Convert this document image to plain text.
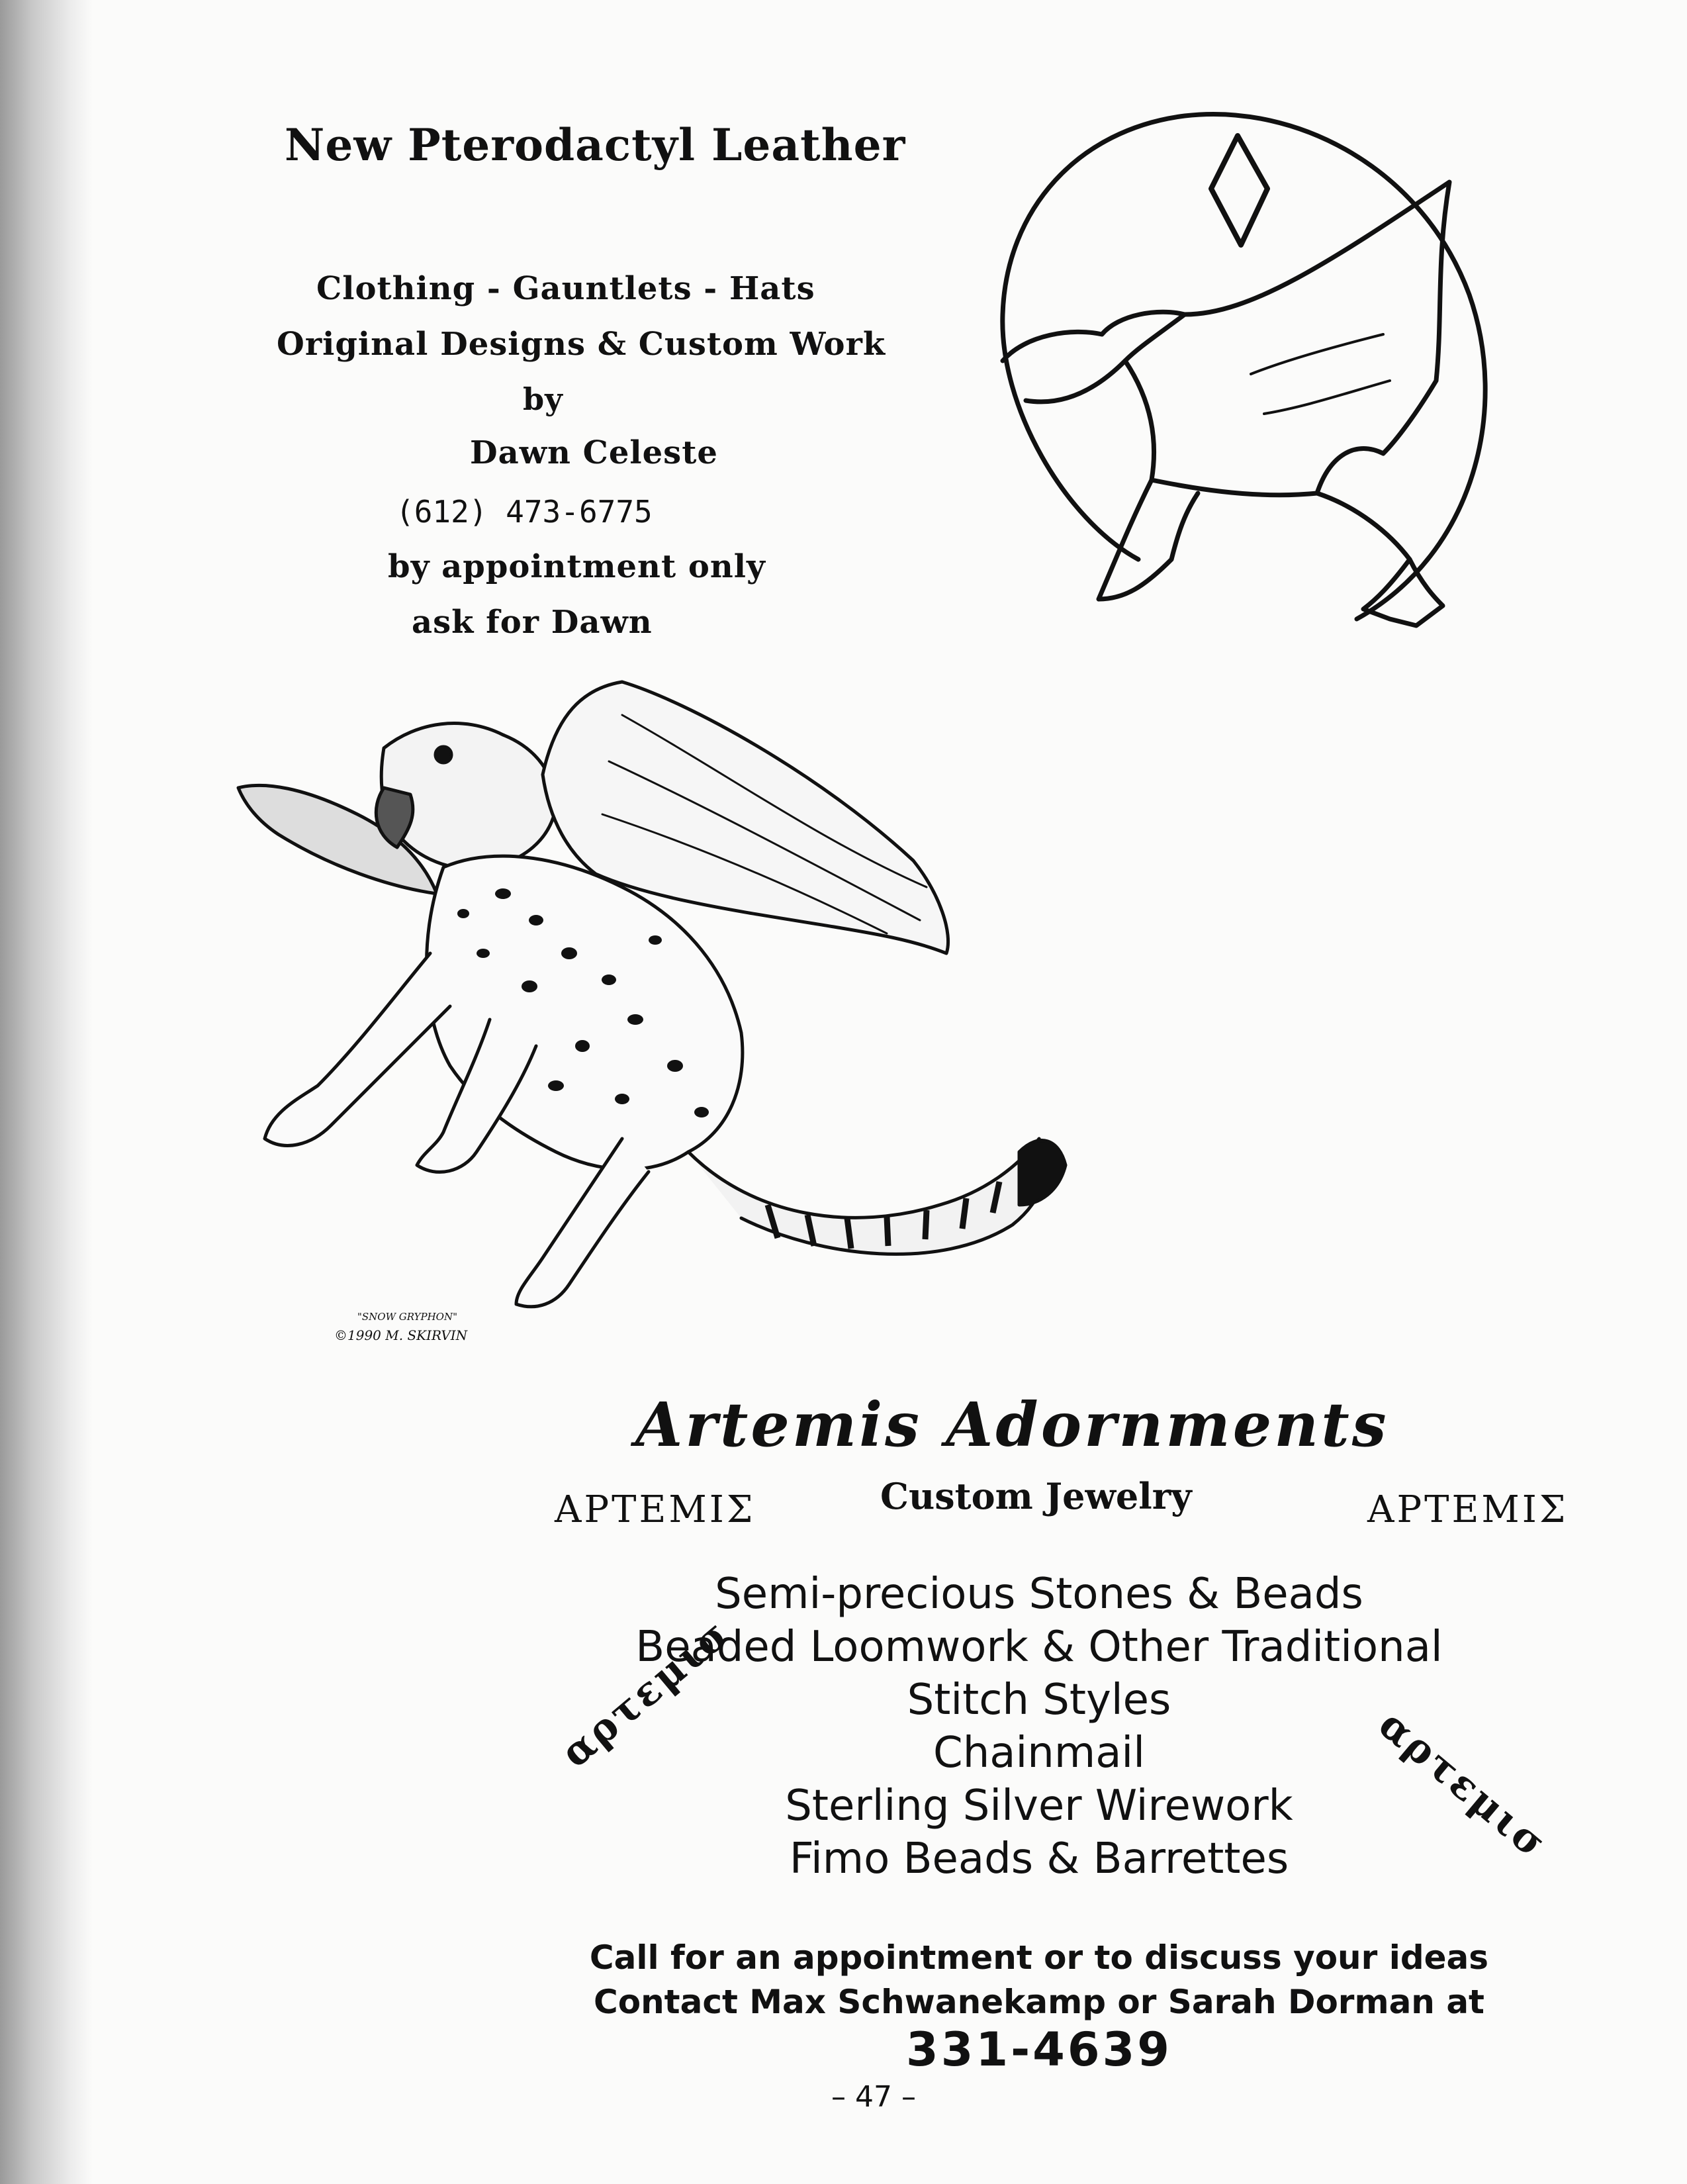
New Pterodactyl Leather
Clothing - Gauntlets - Hats
Original Designs & Custom Work
by
Dawn Celeste
(612) 473-6775
by appointment only
ask for Dawn
"SNOW GRYPHON"
©1990 M. SKIRVIN
Artemis Adornments
ΑΡΤΕΜΙΣ	Custom Jewelry	ΑΡΤΕΜΙΣ
Semi-precious Stones & Beads
Beaded Loomwork & Other Traditional
Stitch Styles
Chainmail
Sterling Silver Wirework
Fimo Beads & Barrettes
αρτεμισ
αρτεμισ
Call for an appointment or to discuss your ideas
Contact Max Schwanekamp or Sarah Dorman at
331-4639
– 47 –
